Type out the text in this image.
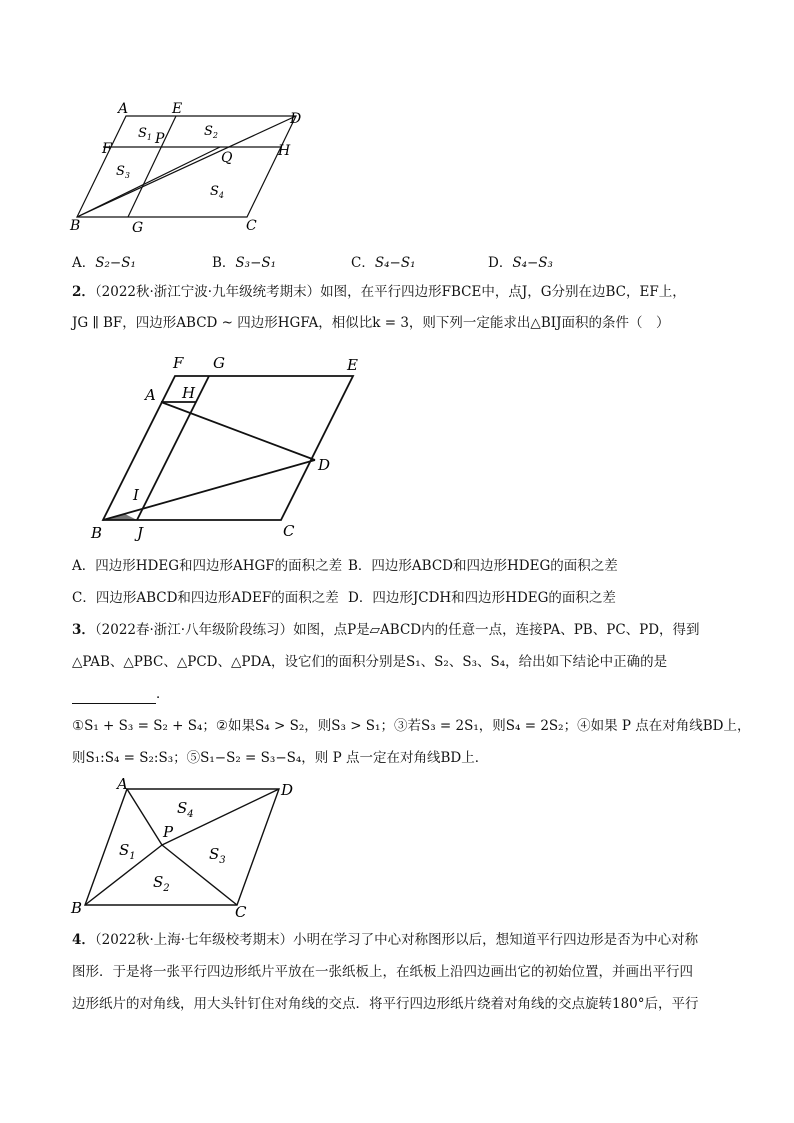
A	E
D
F
P
H
Q
B	G	C
$S_1$	$S_2$
$S_3$
$S_4$
A．S₂−S₁	B．S₃−S₁	C．S₄−S₁	D．S₄−S₃
2．（2022秋·浙江宁波·九年级统考期末）如图，在平行四边形FBCE中，点J，G分别在边BC，EF上，
JG ∥ BF，四边形ABCD ~ 四边形HGFA，相似比k = 3，则下列一定能求出△BIJ面积的条件（　）
F G	E
A H
D
I
B J	C
A．四边形HDEG和四边形AHGF的面积之差 B．四边形ABCD和四边形HDEG的面积之差
C．四边形ABCD和四边形ADEF的面积之差 D．四边形JCDH和四边形HDEG的面积之差
3．（2022春·浙江·八年级阶段练习）如图，点P是▱ABCD内的任意一点，连接PA、PB、PC、PD，得到
△PAB、△PBC、△PCD、△PDA，设它们的面积分别是S₁、S₂、S₃、S₄，给出如下结论中正确的是
．
①S₁ + S₃ = S₂ + S₄；②如果S₄ > S₂，则S₃ > S₁；③若S₃ = 2S₁，则S₄ = 2S₂；④如果 P 点在对角线BD上，
则S₁:S₄ = S₂:S₃；⑤S₁−S₂ = S₃−S₄，则 P 点一定在对角线BD上．
A	D
P
B	C
$S_4$
$S_1$	$S_3$
$S_2$
4．（2022秋·上海·七年级校考期末）小明在学习了中心对称图形以后，想知道平行四边形是否为中心对称
图形．于是将一张平行四边形纸片平放在一张纸板上，在纸板上沿四边画出它的初始位置，并画出平行四
边形纸片的对角线，用大头针钉住对角线的交点．将平行四边形纸片绕着对角线的交点旋转180°后，平行
